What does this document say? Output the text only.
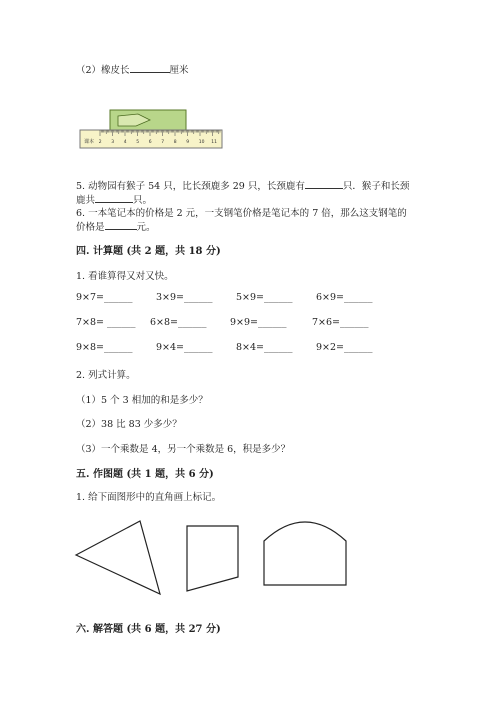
（2）橡皮长	厘米
课本 2 3 4 5 6 7 8 9 10 11
5. 动物园有猴子 54 只，比长颈鹿多 29 只，长颈鹿有	只．猴子和长颈
鹿共	只。
6. 一本笔记本的价格是 2 元，一支钢笔价格是笔记本的 7 倍，那么这支钢笔的
价格是	元。
四. 计算题 (共 2 题，共 18 分)
1. 看谁算得又对又快。
9×7=______ 3×9=______ 5×9=______ 6×9=______
7×8= ______ 6×8=______ 9×9=______	7×6=______
9×8=______ 9×4=______ 8×4=______ 9×2=______
2. 列式计算。
（1）5 个 3 相加的和是多少？
（2）38 比 83 少多少？
（3）一个乘数是 4，另一个乘数是 6，积是多少？
五. 作图题 (共 1 题，共 6 分)
1. 给下面图形中的直角画上标记。
六. 解答题 (共 6 题，共 27 分)
